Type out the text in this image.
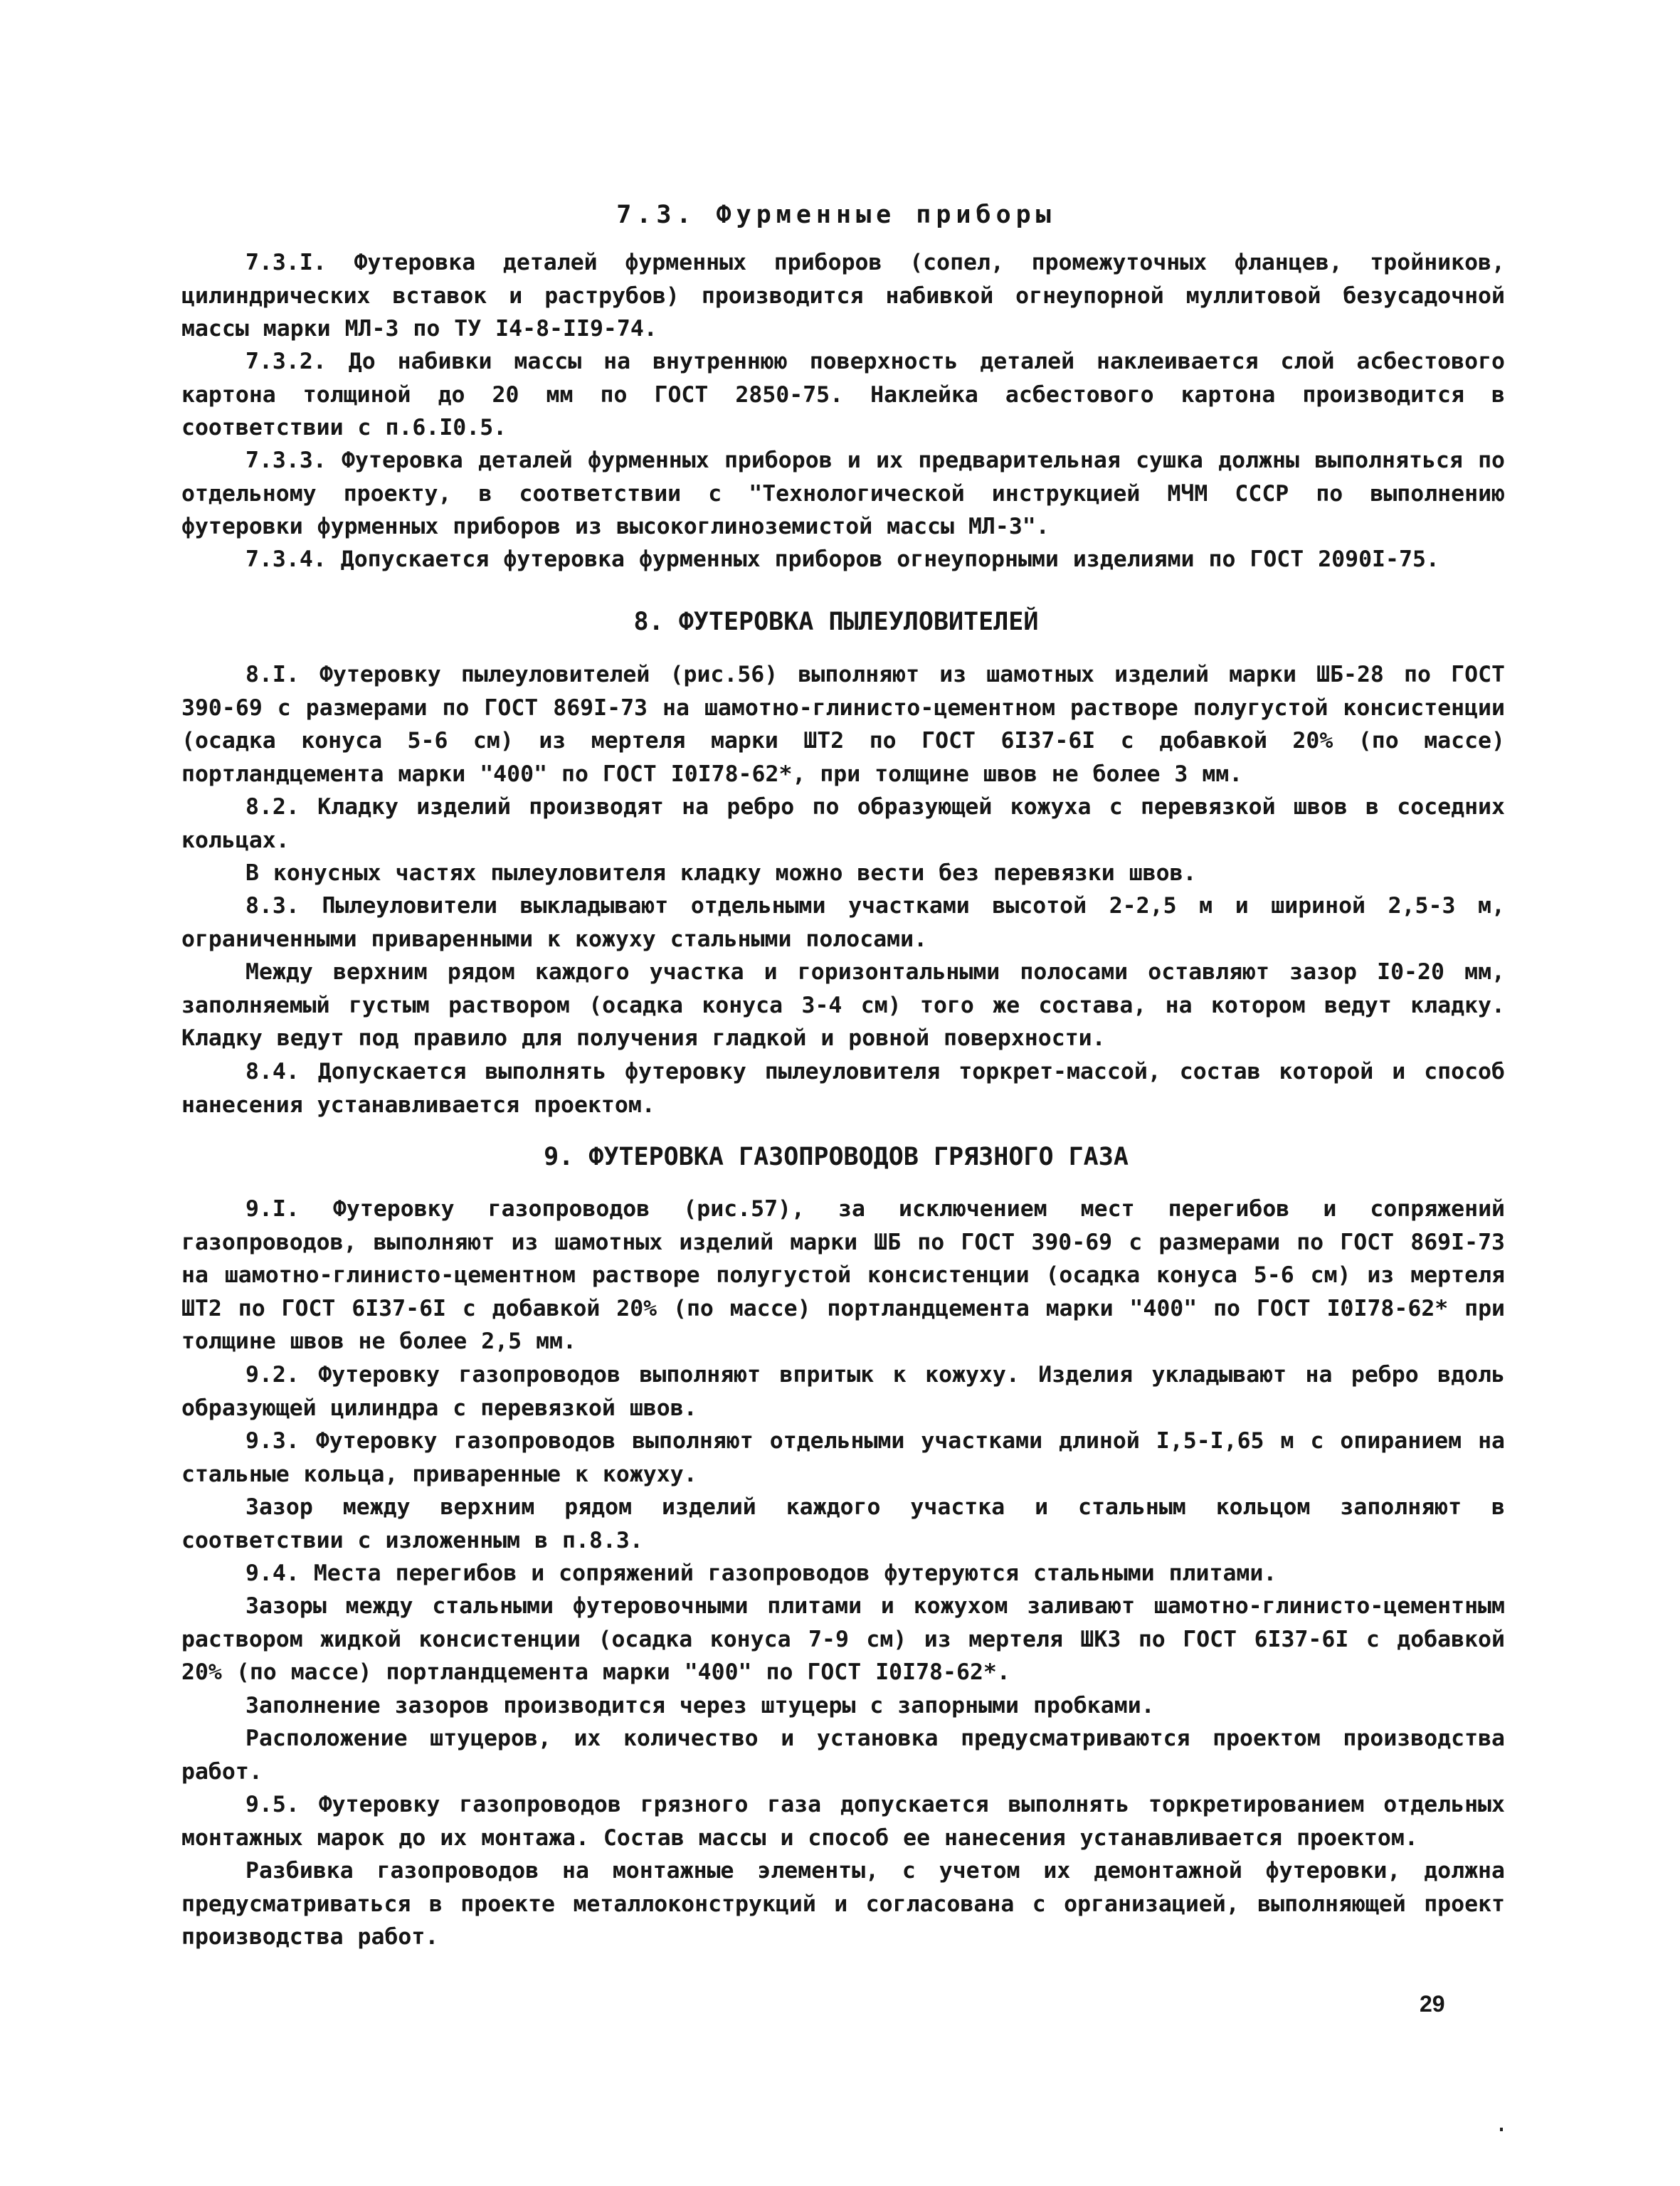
7.3. Фурменные приборы

7.3.I. Футеровка деталей фурменных приборов (сопел, промежуточных фланцев, тройников, цилиндрических вставок и раструбов) производится набивкой огнеупорной муллитовой безусадочной массы марки МЛ-3 по ТУ I4-8-II9-74.

7.3.2. До набивки массы на внутреннюю поверхность деталей наклеивается слой асбестового картона толщиной до 20 мм по ГОСТ 2850-75. Наклейка асбестового картона производится в соответствии с п.6.I0.5.

7.3.3. Футеровка деталей фурменных приборов и их предварительная сушка должны выполняться по отдельному проекту, в соответствии с "Технологической инструкцией МЧМ СССР по выполнению футеровки фурменных приборов из высокоглиноземистой массы МЛ-3".

7.3.4. Допускается футеровка фурменных приборов огнеупорными изделиями по ГОСТ 2090I-75.

8. ФУТЕРОВКА ПЫЛЕУЛОВИТЕЛЕЙ

8.I. Футеровку пылеуловителей (рис.56) выполняют из шамотных изделий марки ШБ-28 по ГОСТ 390-69 с размерами по ГОСТ 869I-73 на шамотно-глинисто-цементном растворе полугустой консистенции (осадка конуса 5-6 см) из мертеля марки ШТ2 по ГОСТ 6I37-6I с добавкой 20% (по массе) портландцемента марки "400" по ГОСТ I0I78-62*, при толщине швов не более 3 мм.

8.2. Кладку изделий производят на ребро по образующей кожуха с перевязкой швов в соседних кольцах.

В конусных частях пылеуловителя кладку можно вести без перевязки швов.

8.3. Пылеуловители выкладывают отдельными участками высотой 2-2,5 м и шириной 2,5-3 м, ограниченными приваренными к кожуху стальными полосами.

Между верхним рядом каждого участка и горизонтальными полосами оставляют зазор I0-20 мм, заполняемый густым раствором (осадка конуса 3-4 см) того же состава, на котором ведут кладку. Кладку ведут под правило для получения гладкой и ровной поверхности.

8.4. Допускается выполнять футеровку пылеуловителя торкрет-массой, состав которой и способ нанесения устанавливается проектом.

9. ФУТЕРОВКА ГАЗОПРОВОДОВ ГРЯЗНОГО ГАЗА

9.I. Футеровку газопроводов (рис.57), за исключением мест перегибов и сопряжений газопроводов, выполняют из шамотных изделий марки ШБ по ГОСТ 390-69 с размерами по ГОСТ 869I-73 на шамотно-глинисто-цементном растворе полугустой консистенции (осадка конуса 5-6 см) из мертеля ШТ2 по ГОСТ 6I37-6I с добавкой 20% (по массе) портландцемента марки "400" по ГОСТ I0I78-62* при толщине швов не более 2,5 мм.

9.2. Футеровку газопроводов выполняют впритык к кожуху. Изделия укладывают на ребро вдоль образующей цилиндра с перевязкой швов.

9.3. Футеровку газопроводов выполняют отдельными участками длиной I,5-I,65 м с опиранием на стальные кольца, приваренные к кожуху.

Зазор между верхним рядом изделий каждого участка и стальным кольцом заполняют в соответствии с изложенным в п.8.3.

9.4. Места перегибов и сопряжений газопроводов футеруются стальными плитами.

Зазоры между стальными футеровочными плитами и кожухом заливают шамотно-глинисто-цементным раствором жидкой консистенции (осадка конуса 7-9 см) из мертеля ШК3 по ГОСТ 6I37-6I с добавкой 20% (по массе) портландцемента марки "400" по ГОСТ I0I78-62*.

Заполнение зазоров производится через штуцеры с запорными пробками.

Расположение штуцеров, их количество и установка предусматриваются проектом производства работ.

9.5. Футеровку газопроводов грязного газа допускается выполнять торкретированием отдельных монтажных марок до их монтажа. Состав массы и способ ее нанесения устанавливается проектом.

Разбивка газопроводов на монтажные элементы, с учетом их демонтажной футеровки, должна предусматриваться в проекте металлоконструкций и согласована с организацией, выполняющей проект производства работ.

29
